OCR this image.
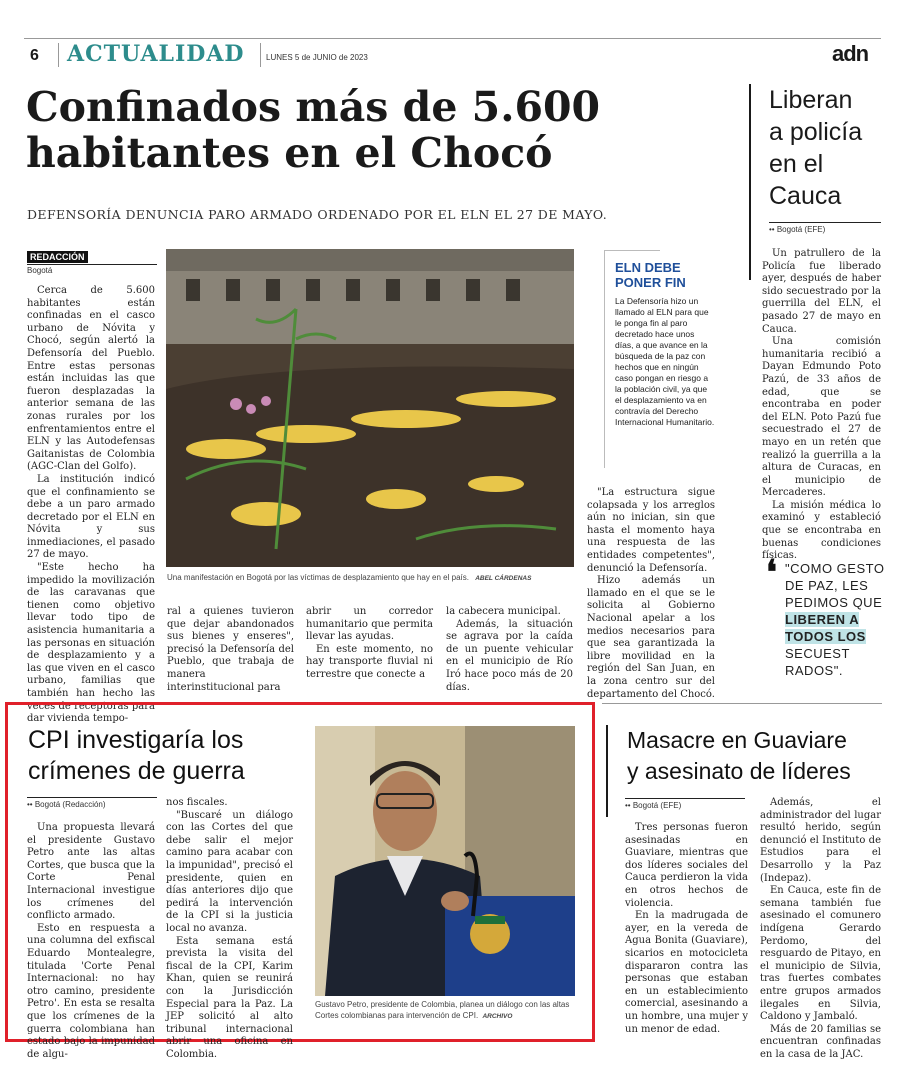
6 ACTUALIDAD	LUNES 5 de JUNIO de 2023	adn
Confinados más de 5.600
habitantes en el Chocó
DEFENSORÍA DENUNCIA PARO ARMADO ORDENADO POR EL ELN EL 27 DE MAYO.
REDACCIÓN
Bogotá

Cerca de 5.600 habitantes están confinadas en el casco urbano de Nóvita y Chocó, según alertó la Defensoría del Pueblo. Entre estas personas están incluidas las que fueron desplazadas la anterior semana de las zonas rurales por los enfrentamientos entre el ELN y las Autodefensas Gaitanistas de Colombia (AGC-Clan del Golfo).

La institución indicó que el confinamiento se debe a un paro armado decretado por el ELN en Nóvita y sus inmediaciones, el pasado 27 de mayo.

"Este hecho ha impedido la movilización de las caravanas que tienen como objetivo llevar todo tipo de asistencia humanitaria a las personas en situación de desplazamiento y a las que viven en el casco urbano, familias que también han hecho las veces de receptoras para dar vivienda tempo-

Una manifestación en Bogotá por las víctimas de desplazamiento que hay en el país. ABEL CÁRDENAS
ELN DEBE PONER FIN
La Defensoría hizo un llamado al ELN para que le ponga fin al paro decretado hace unos días, a que avance en la búsqueda de la paz con hechos que en ningún caso pongan en riesgo a la población civil, ya que el desplazamiento va en contravía del Derecho Internacional Humanitario.

"La estructura sigue colapsada y los arreglos aún no inician, sin que hasta el momento haya una respuesta de las entidades competentes", denunció la Defensoría.

Hizo además un llamado en el que se le solicita al Gobierno Nacional apelar a los medios necesarios para que sea garantizada la libre movilidad en la región del San Juan, en la zona centro sur del departamento del Chocó.

ral a quienes tuvieron que dejar abandonados sus bienes y enseres", precisó la Defensoría del Pueblo, que trabaja de manera interinstitucional para

abrir un corredor humanitario que permita llevar las ayudas.

En este momento, no hay transporte fluvial ni terrestre que conecte a

la cabecera municipal.

Además, la situación se agrava por la caída de un puente vehicular en el municipio de Río Iró hace poco más de 20 días.

Liberan
a policía
en el
Cauca
•• Bogotá (EFE)

Un patrullero de la Policía fue liberado ayer, después de haber sido secuestrado por la guerrilla del ELN, el pasado 27 de mayo en Cauca.

Una comisión humanitaria recibió a Dayan Edmundo Poto Pazú, de 33 años de edad, que se encontraba en poder del ELN. Poto Pazú fue secuestrado el 27 de mayo en un retén que realizó la guerrilla a la altura de Curacas, en el municipio de Mercaderes.

La misión médica lo examinó y estableció que se encontraba en buenas condiciones físicas.

❛ "COMO GESTO DE PAZ, LES PEDIMOS QUE
LIBEREN A
TODOS LOS
SECUESTRADOS".
CPI investigaría los
crímenes de guerra
•• Bogotá (Redacción)

Una propuesta llevará el presidente Gustavo Petro ante las altas Cortes, que busca que la Corte Penal Internacional investigue los crímenes del conflicto armado.

Esto en respuesta a una columna del exfiscal Eduardo Montealegre, titulada 'Corte Penal Internacional: no hay otro camino, presidente Petro'. En esta se resalta que los crímenes de la guerra colombiana han estado bajo la impunidad de algu-

nos fiscales.

"Buscaré un diálogo con las Cortes del que debe salir el mejor camino para acabar con la impunidad", precisó el presidente, quien en días anteriores dijo que pedirá la intervención de la CPI si la justicia local no avanza.

Esta semana está prevista la visita del fiscal de la CPI, Karim Khan, quien se reunirá con la Jurisdicción Especial para la Paz. La JEP solicitó al alto tribunal internacional abrir una oficina en Colombia.

Gustavo Petro, presidente de Colombia, planea un diálogo con las altas Cortes colombianas para intervención de CPI. ARCHIVO
Masacre en Guaviare
y asesinato de líderes
•• Bogotá (EFE)

Tres personas fueron asesinadas en Guaviare, mientras que dos líderes sociales del Cauca perdieron la vida en otros hechos de violencia.

En la madrugada de ayer, en la vereda de Agua Bonita (Guaviare), sicarios en motocicleta dispararon contra las personas que estaban en un establecimiento comercial, asesinando a un hombre, una mujer y un menor de edad.

Además, el administrador del lugar resultó herido, según denunció el Instituto de Estudios para el Desarrollo y la Paz (Indepaz).

En Cauca, este fin de semana también fue asesinado el comunero indígena Gerardo Perdomo, del resguardo de Pitayo, en el municipio de Silvia, tras fuertes combates entre grupos armados ilegales en Silvia, Caldono y Jambaló.

Más de 20 familias se encuentran confinadas en la casa de la JAC.
